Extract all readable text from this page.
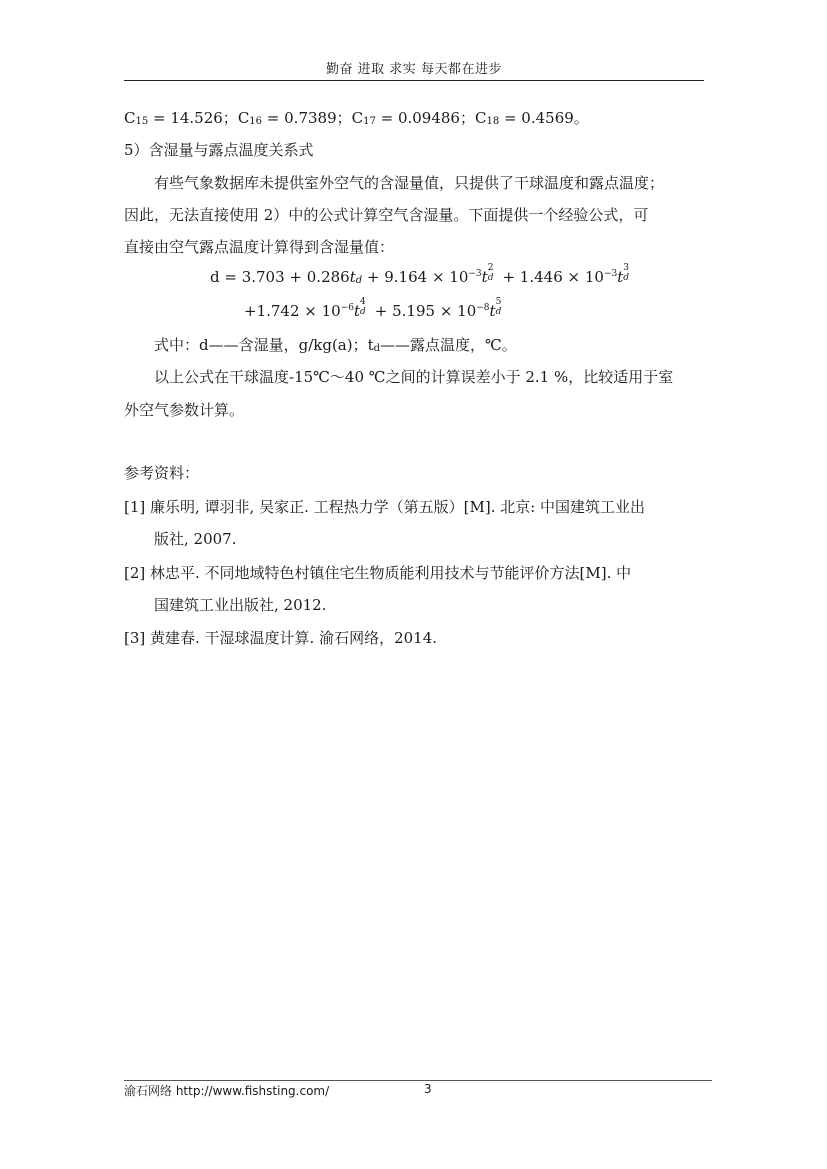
勤奋 进取 求实 每天都在进步
C15 = 14.526；C16 = 0.7389；C17 = 0.09486；C18 = 0.4569。
5）含湿量与露点温度关系式
有些气象数据库未提供室外空气的含湿量值，只提供了干球温度和露点温度；
因此，无法直接使用 2）中的公式计算空气含湿量。下面提供一个经验公式，可
直接由空气露点温度计算得到含湿量值：
$d = 3.703 + 0.286td + 9.164 \times 10^{-3}t$ 2
$d + 1.446 \times 10^{-3}t$ 3
d
$+1.742 \times 10^{-6}t$ 4
$d + 5.195 \times 10^{-8}t$ 5
d
式中：d——含湿量，g/kg(a)；td——露点温度，℃。
以上公式在干球温度-15℃～40 ℃之间的计算误差小于 2.1 %，比较适用于室
外空气参数计算。
参考资料：
[1] 廉乐明, 谭羽非, 吴家正. 工程热力学（第五版）[M]. 北京: 中国建筑工业出
版社, 2007.
[2] 林忠平. 不同地域特色村镇住宅生物质能利用技术与节能评价方法[M]. 中
国建筑工业出版社, 2012.
[3] 黄建春. 干湿球温度计算. 渝石网络，2014.
渝石网络 http://www.fishsting.com/	3
